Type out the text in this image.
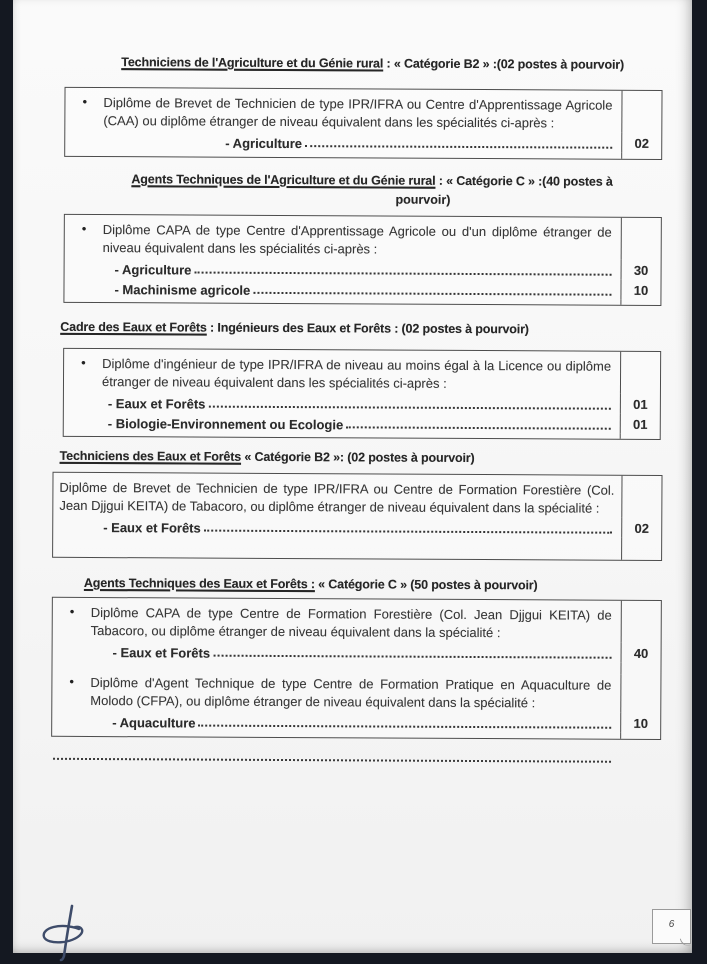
Techniciens de l'Agriculture et du Génie rural : « Catégorie B2 » :(02 postes à pourvoir)
• Diplôme de Brevet de Technicien de type IPR/IFRA ou Centre d'Apprentissage Agricole (CAA) ou diplôme étranger de niveau équivalent dans les spécialités ci-après :
- Agriculture	02
Agents Techniques de l'Agriculture et du Génie rural : « Catégorie C » :(40 postes à
pourvoir)
• Diplôme CAPA de type Centre d'Apprentissage Agricole ou d'un diplôme étranger de niveau équivalent dans les spécialités ci-après :
- Agriculture	30
- Machinisme agricole	10
Cadre des Eaux et Forêts : Ingénieurs des Eaux et Forêts : (02 postes à pourvoir)
• Diplôme d'ingénieur de type IPR/IFRA de niveau au moins égal à la Licence ou diplôme étranger de niveau équivalent dans les spécialités ci-après :
- Eaux et Forêts	01
- Biologie-Environnement ou Ecologie	01
Techniciens des Eaux et Forêts « Catégorie B2 »: (02 postes à pourvoir)
Diplôme de Brevet de Technicien de type IPR/IFRA ou Centre de Formation Forestière (Col. Jean Djjgui KEITA) de Tabacoro, ou diplôme étranger de niveau équivalent dans la spécialité :
- Eaux et Forêts	02
Agents Techniques des Eaux et Forêts : « Catégorie C » (50 postes à pourvoir)
• Diplôme CAPA de type Centre de Formation Forestière (Col. Jean Djjgui KEITA) de Tabacoro, ou diplôme étranger de niveau équivalent dans la spécialité :
- Eaux et Forêts	40
• Diplôme d'Agent Technique de type Centre de Formation Pratique en Aquaculture de Molodo (CFPA), ou diplôme étranger de niveau équivalent dans la spécialité :
- Aquaculture	10
6
